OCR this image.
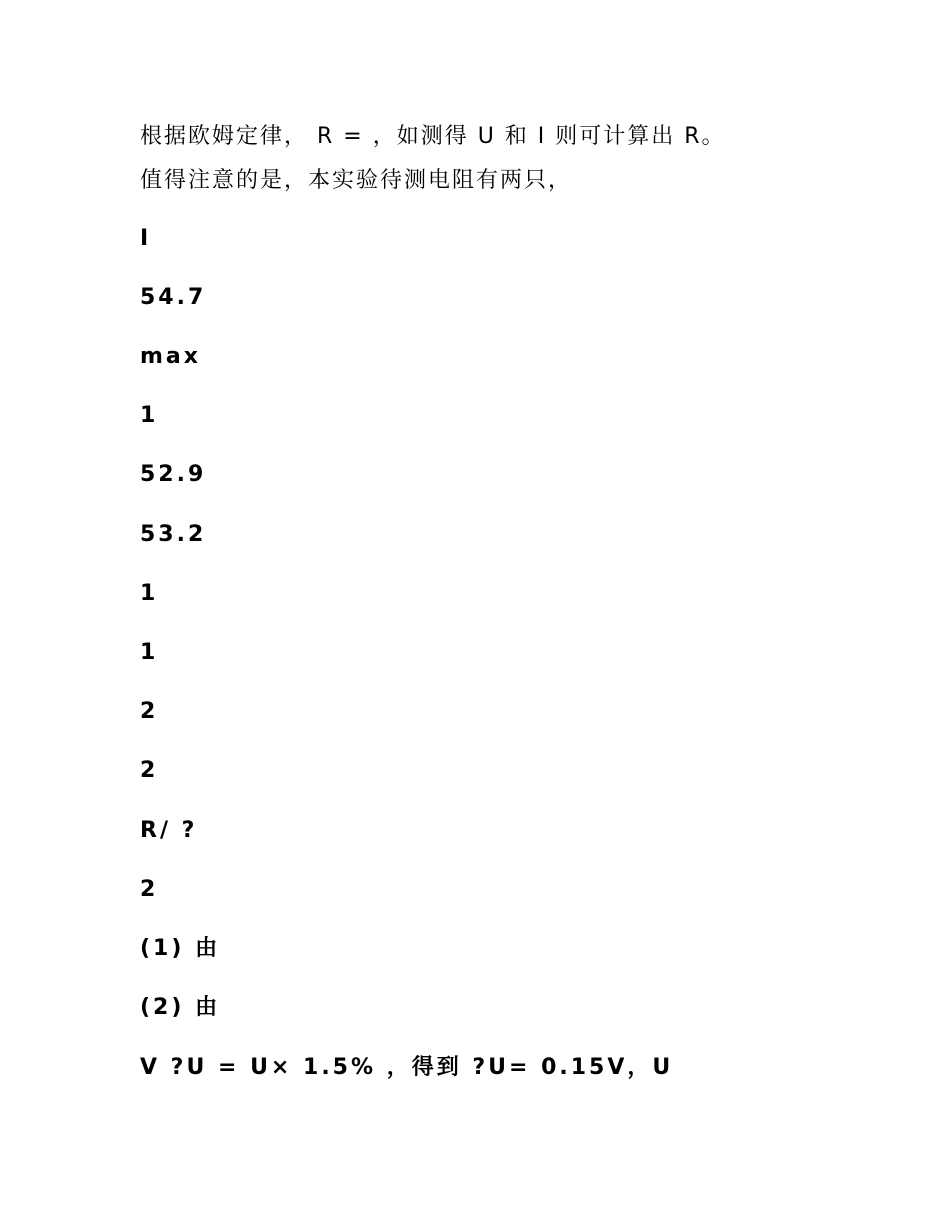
根据欧姆定律， R = ，如测得 U 和 I 则可计算出 R。
值得注意的是，本实验待测电阻有两只，
I
54.7
max
1
52.9
53.2
1
1
2
2
R/ ?
2
(1) 由
(2) 由
V ?U = U× 1.5% ，得到 ?U= 0.15V，U
